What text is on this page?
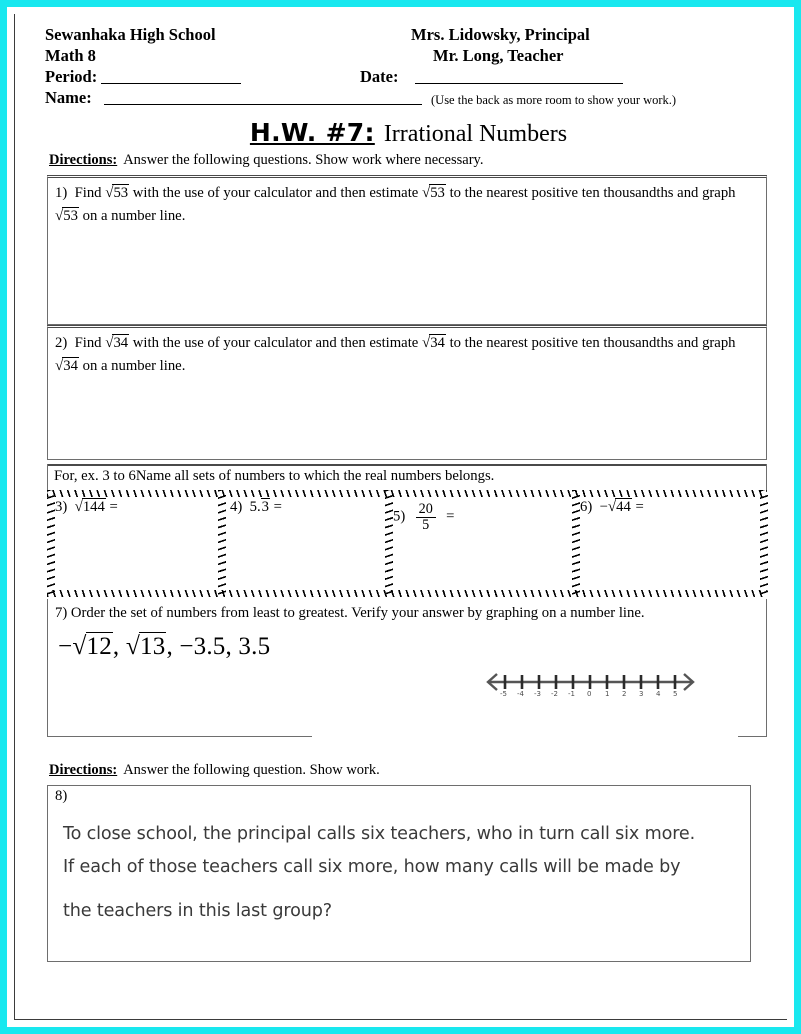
Sewanhaka High School	Mrs. Lidowsky, Principal
Math 8	Mr. Long, Teacher
Period:	Date:
Name:	(Use the back as more room to show your work.)
H.W. #7: Irrational Numbers
Directions: Answer the following questions. Show work where necessary.
1) Find √53 with the use of your calculator and then estimate √53 to the nearest positive ten thousandths and graph √53 on a number line.
2) Find √34 with the use of your calculator and then estimate √34 to the nearest positive ten thousandths and graph √34 on a number line.
For, ex. 3 to 6Name all sets of numbers to which the real numbers belongs.
3) √144 =	4) 5.3 =
$5) \frac{20}{5}$ =
6) −√44 =
7) Order the set of numbers from least to greatest. Verify your answer by graphing on a number line.
−√12, √13, −3.5, 3.5
-5 -4 -3 -2 -1 0 1 2 3 4 5
Directions: Answer the following question. Show work.
8)
To close school, the principal calls six teachers, who in turn call six more.
If each of those teachers call six more, how many calls will be made by
the teachers in this last group?
